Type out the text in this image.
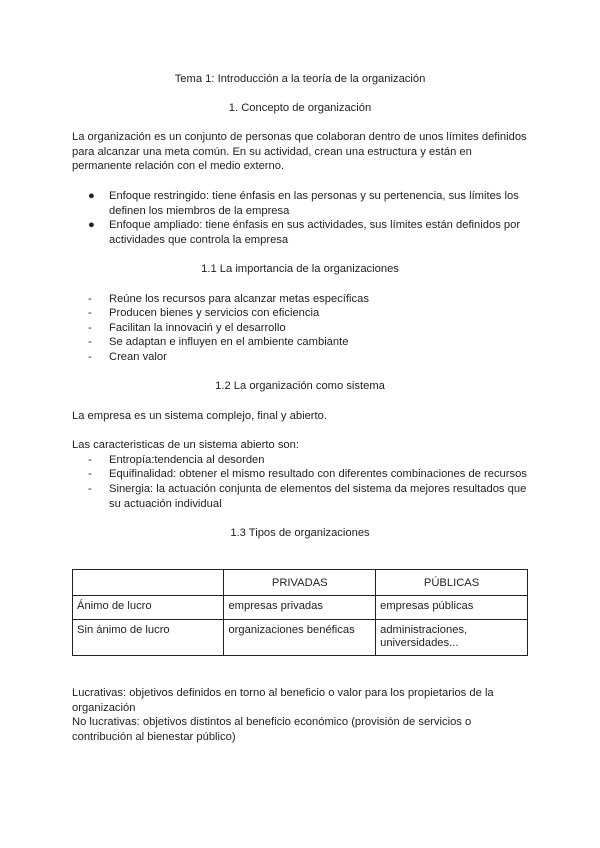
Tema 1: Introducción a la teoría de la organización
1. Concepto de organización
La organización es un conjunto de personas que colaboran dentro de unos límites definidos para alcanzar una meta común. En su actividad, crean una estructura y están en permanente relación con el medio externo.
●	Enfoque restringido: tiene énfasis en las personas y su pertenencia, sus límites los definen los miembros de la empresa
●	Enfoque ampliado: tiene énfasis en sus actividades, sus límites están definidos por actividades que controla la empresa
1.1 La importancia de la organizaciones
- Reúne los recursos para alcanzar metas específicas
- Producen bienes y servicios con eficiencia
- Facilitan la innovaciń y el desarrollo
- Se adaptan e influyen en el ambiente cambiante
- Crean valor
1.2 La organización como sistema
La empresa es un sistema complejo, final y abierto.
Las caracteristicas de un sistema abierto son:
- Entropía:tendencia al desorden
- Equifinalidad: obtener el mismo resultado con diferentes combinaciones de recursos
- Sinergia: la actuación conjunta de elementos del sistema da mejores resultados que su actuación individual
1.3 Tipos de organizaciones
	PRIVADAS	PÚBLICAS
Ánimo de lucro	empresas privadas	empresas públicas
Sin ánimo de lucro	organizaciones benéficas	administraciones, universidades...
Lucrativas: objetivos definidos en torno al beneficio o valor para los propietarios de la organización
No lucrativas: objetivos distintos al beneficio económico (provisión de servicios o contribución al bienestar público)
